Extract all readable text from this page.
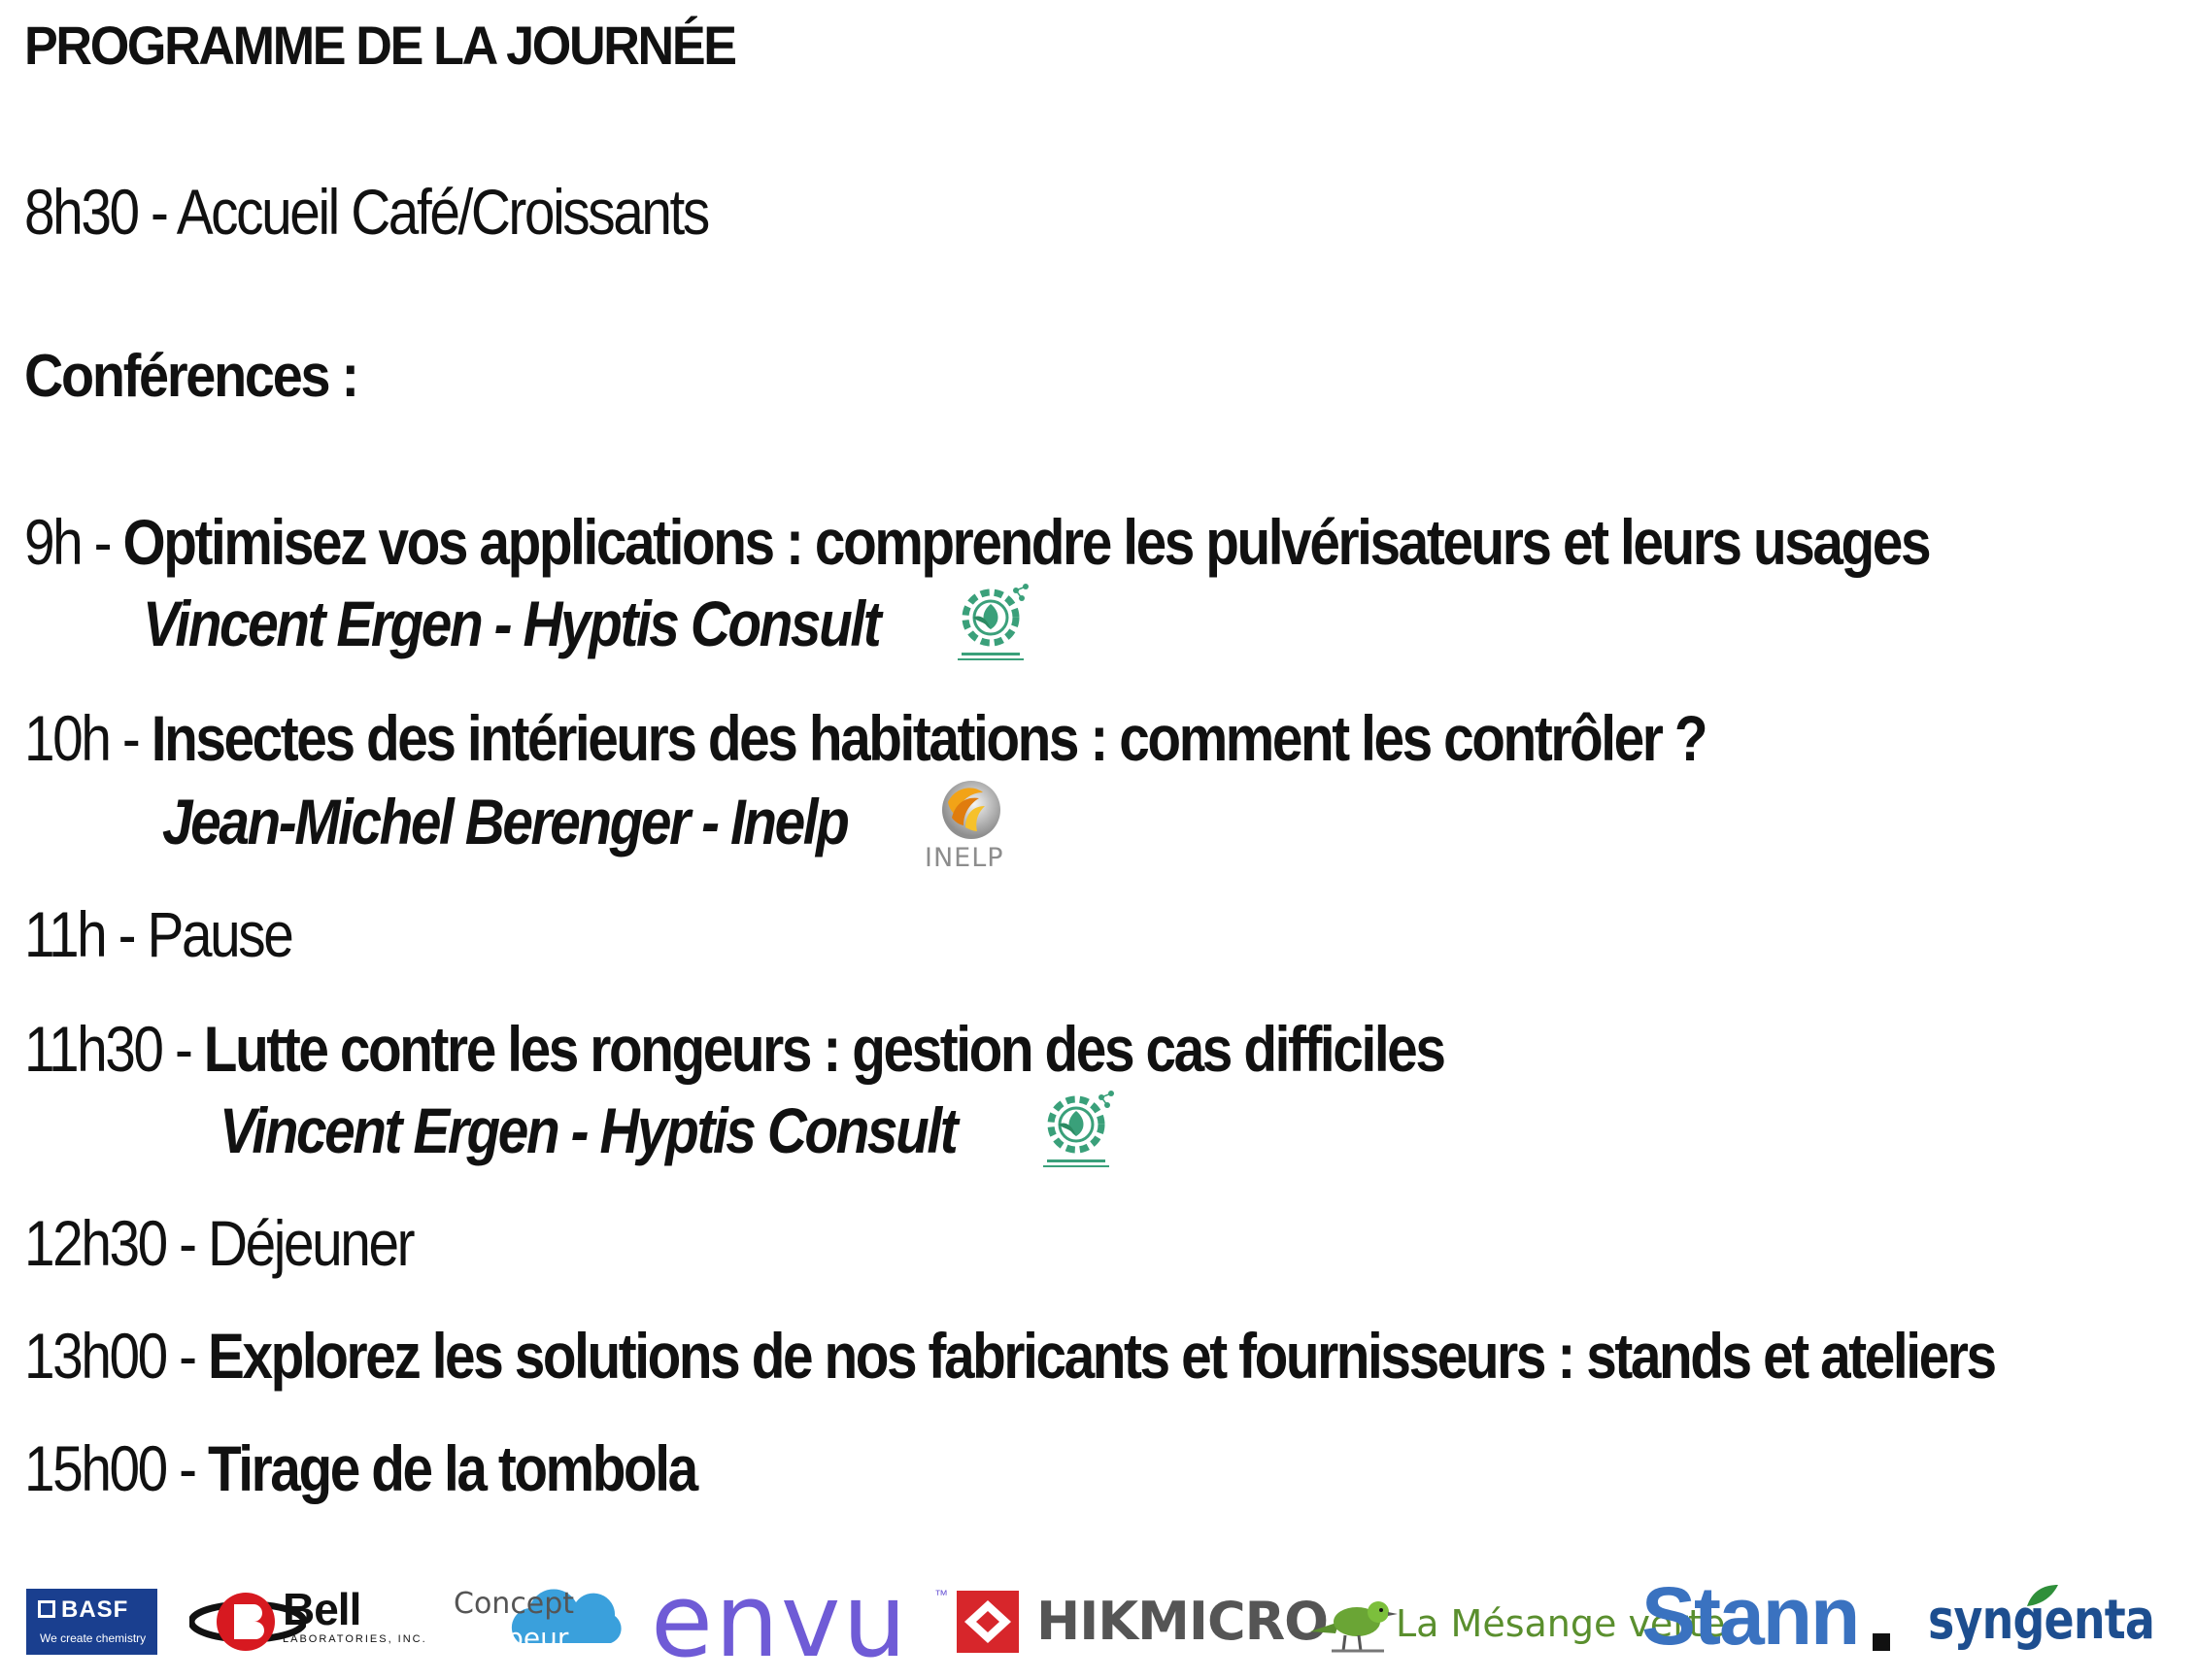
PROGRAMME DE LA JOURNÉE
8h30 - Accueil Café/Croissants
Conférences :
9h - Optimisez vos applications : comprendre les pulvérisateurs et leurs usages
Vincent Ergen - Hyptis Consult
10h - Insectes des intérieurs des habitations : comment les contrôler ?
Jean-Michel Berenger - Inelp
INELP
11h - Pause
11h30 - Lutte contre les rongeurs : gestion des cas difficiles
Vincent Ergen - Hyptis Consult
12h30 - Déjeuner
13h00 - Explorez les solutions de nos fabricants et fournisseurs : stands et ateliers
15h00 - Tirage de la tombola
BASF
We create chemistry
Bell
LABORATORIES, INC.
Concept
Vapeur envu ™ HIKMICRO La Mésange verte
Stann syngenta
